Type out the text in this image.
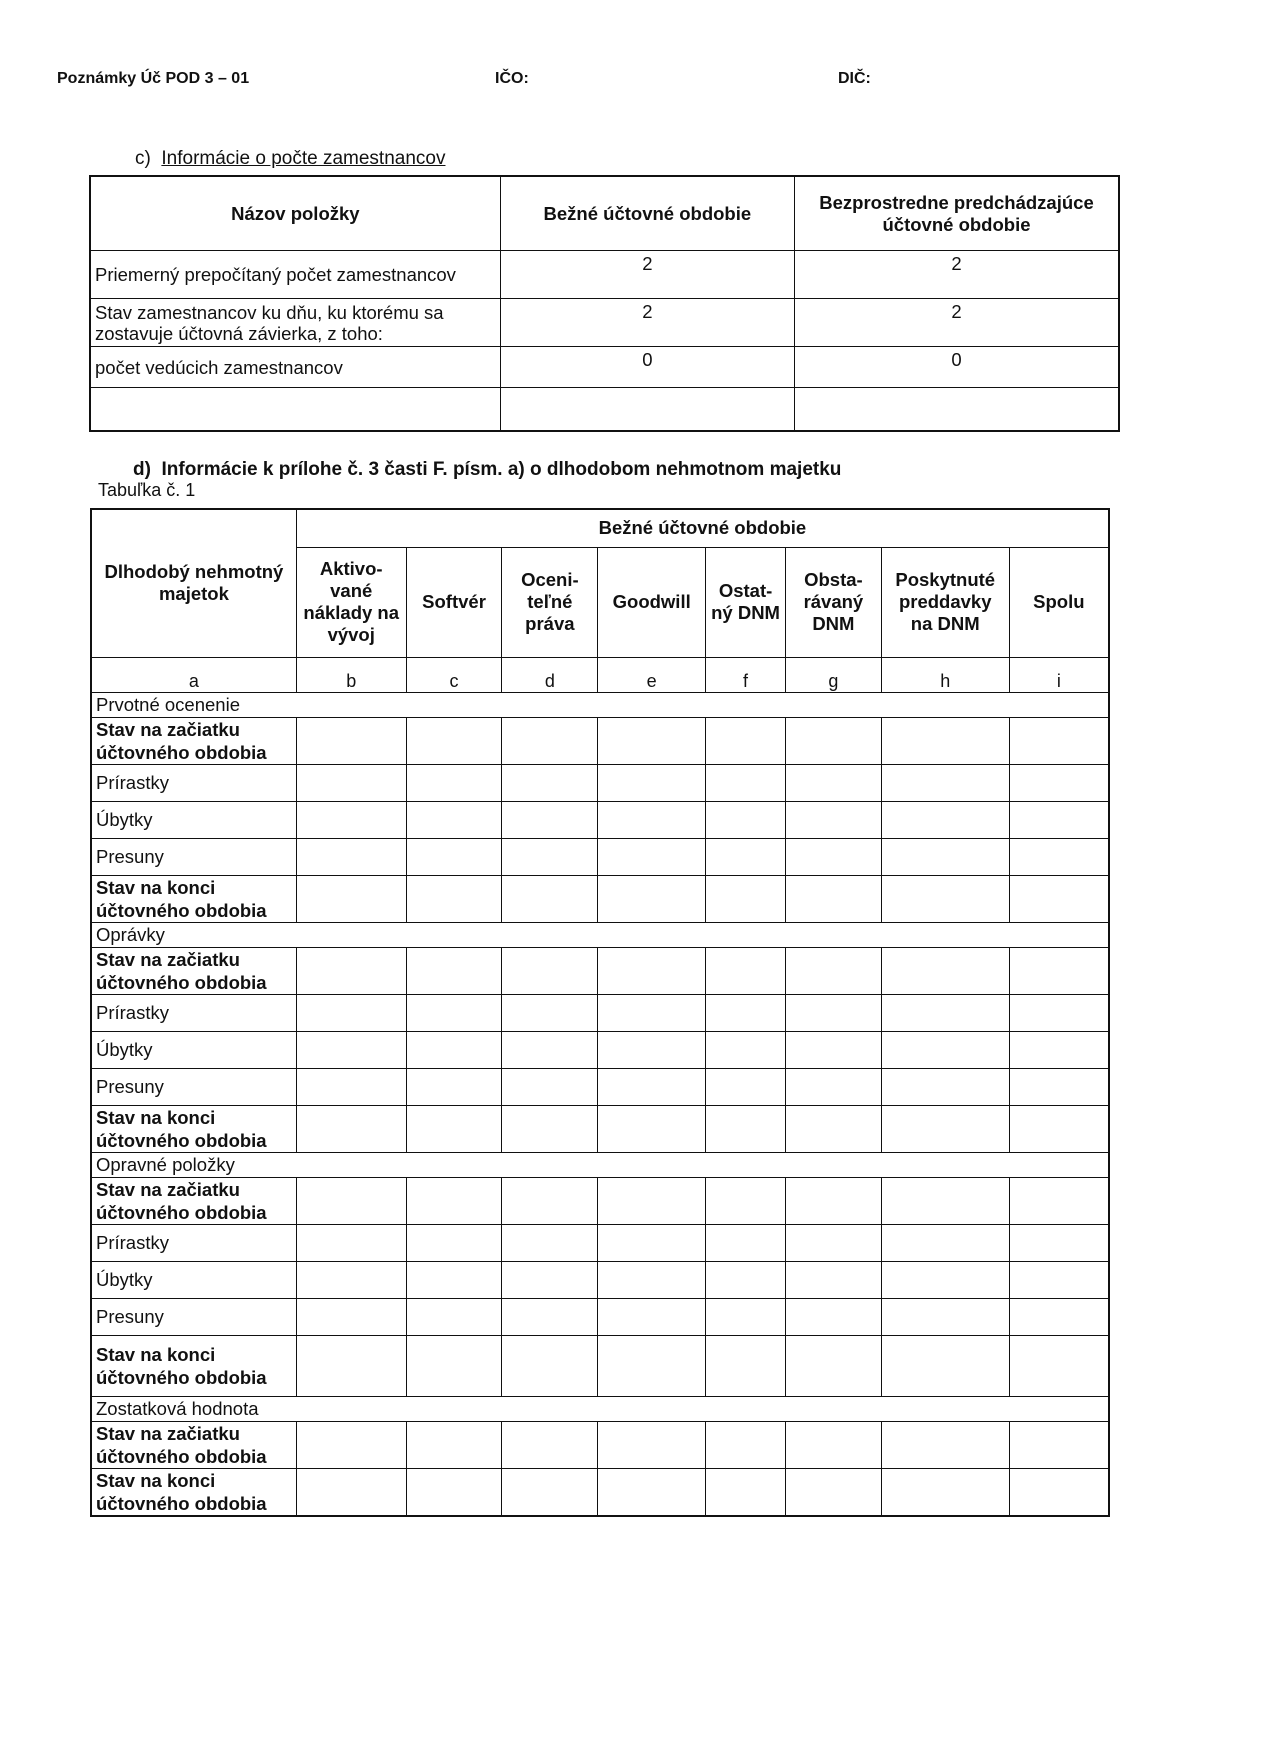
Poznámky Úč POD 3 – 01	IČO:	DIČ:
c) Informácie o počte zamestnancov
Názov položky	Bežné účtovné obdobie	Bezprostredne predchádzajúce účtovné obdobie
Priemerný prepočítaný počet zamestnancov	2	2
Stav zamestnancov ku dňu, ku ktorému sa zostavuje účtovná závierka, z toho:	2	2
počet vedúcich zamestnancov	0	0

d) Informácie k prílohe č. 3 časti F. písm. a) o dlhodobom nehmotnom majetku
Tabuľka č. 1
Dlhodobý nehmotný majetok	Bežné účtovné obdobie							
	Aktivo-vané náklady na vývoj	Softvér	Oceni-teľné práva	Goodwill	Ostat-ný DNM	Obsta-rávaný DNM	Poskytnuté preddavky na DNM	Spolu
a	b	c	d	e	f	g	h	i
Prvotné ocenenie								
Stav na začiatku účtovného obdobia								
Prírastky								
Úbytky								
Presuny								
Stav na konci účtovného obdobia								
Oprávky								
Stav na začiatku účtovného obdobia								
Prírastky								
Úbytky								
Presuny								
Stav na konci účtovného obdobia								
Opravné položky								
Stav na začiatku účtovného obdobia								
Prírastky								
Úbytky								
Presuny								
Stav na konci účtovného obdobia								
Zostatková hodnota								
Stav na začiatku účtovného obdobia								
Stav na konci účtovného obdobia								
